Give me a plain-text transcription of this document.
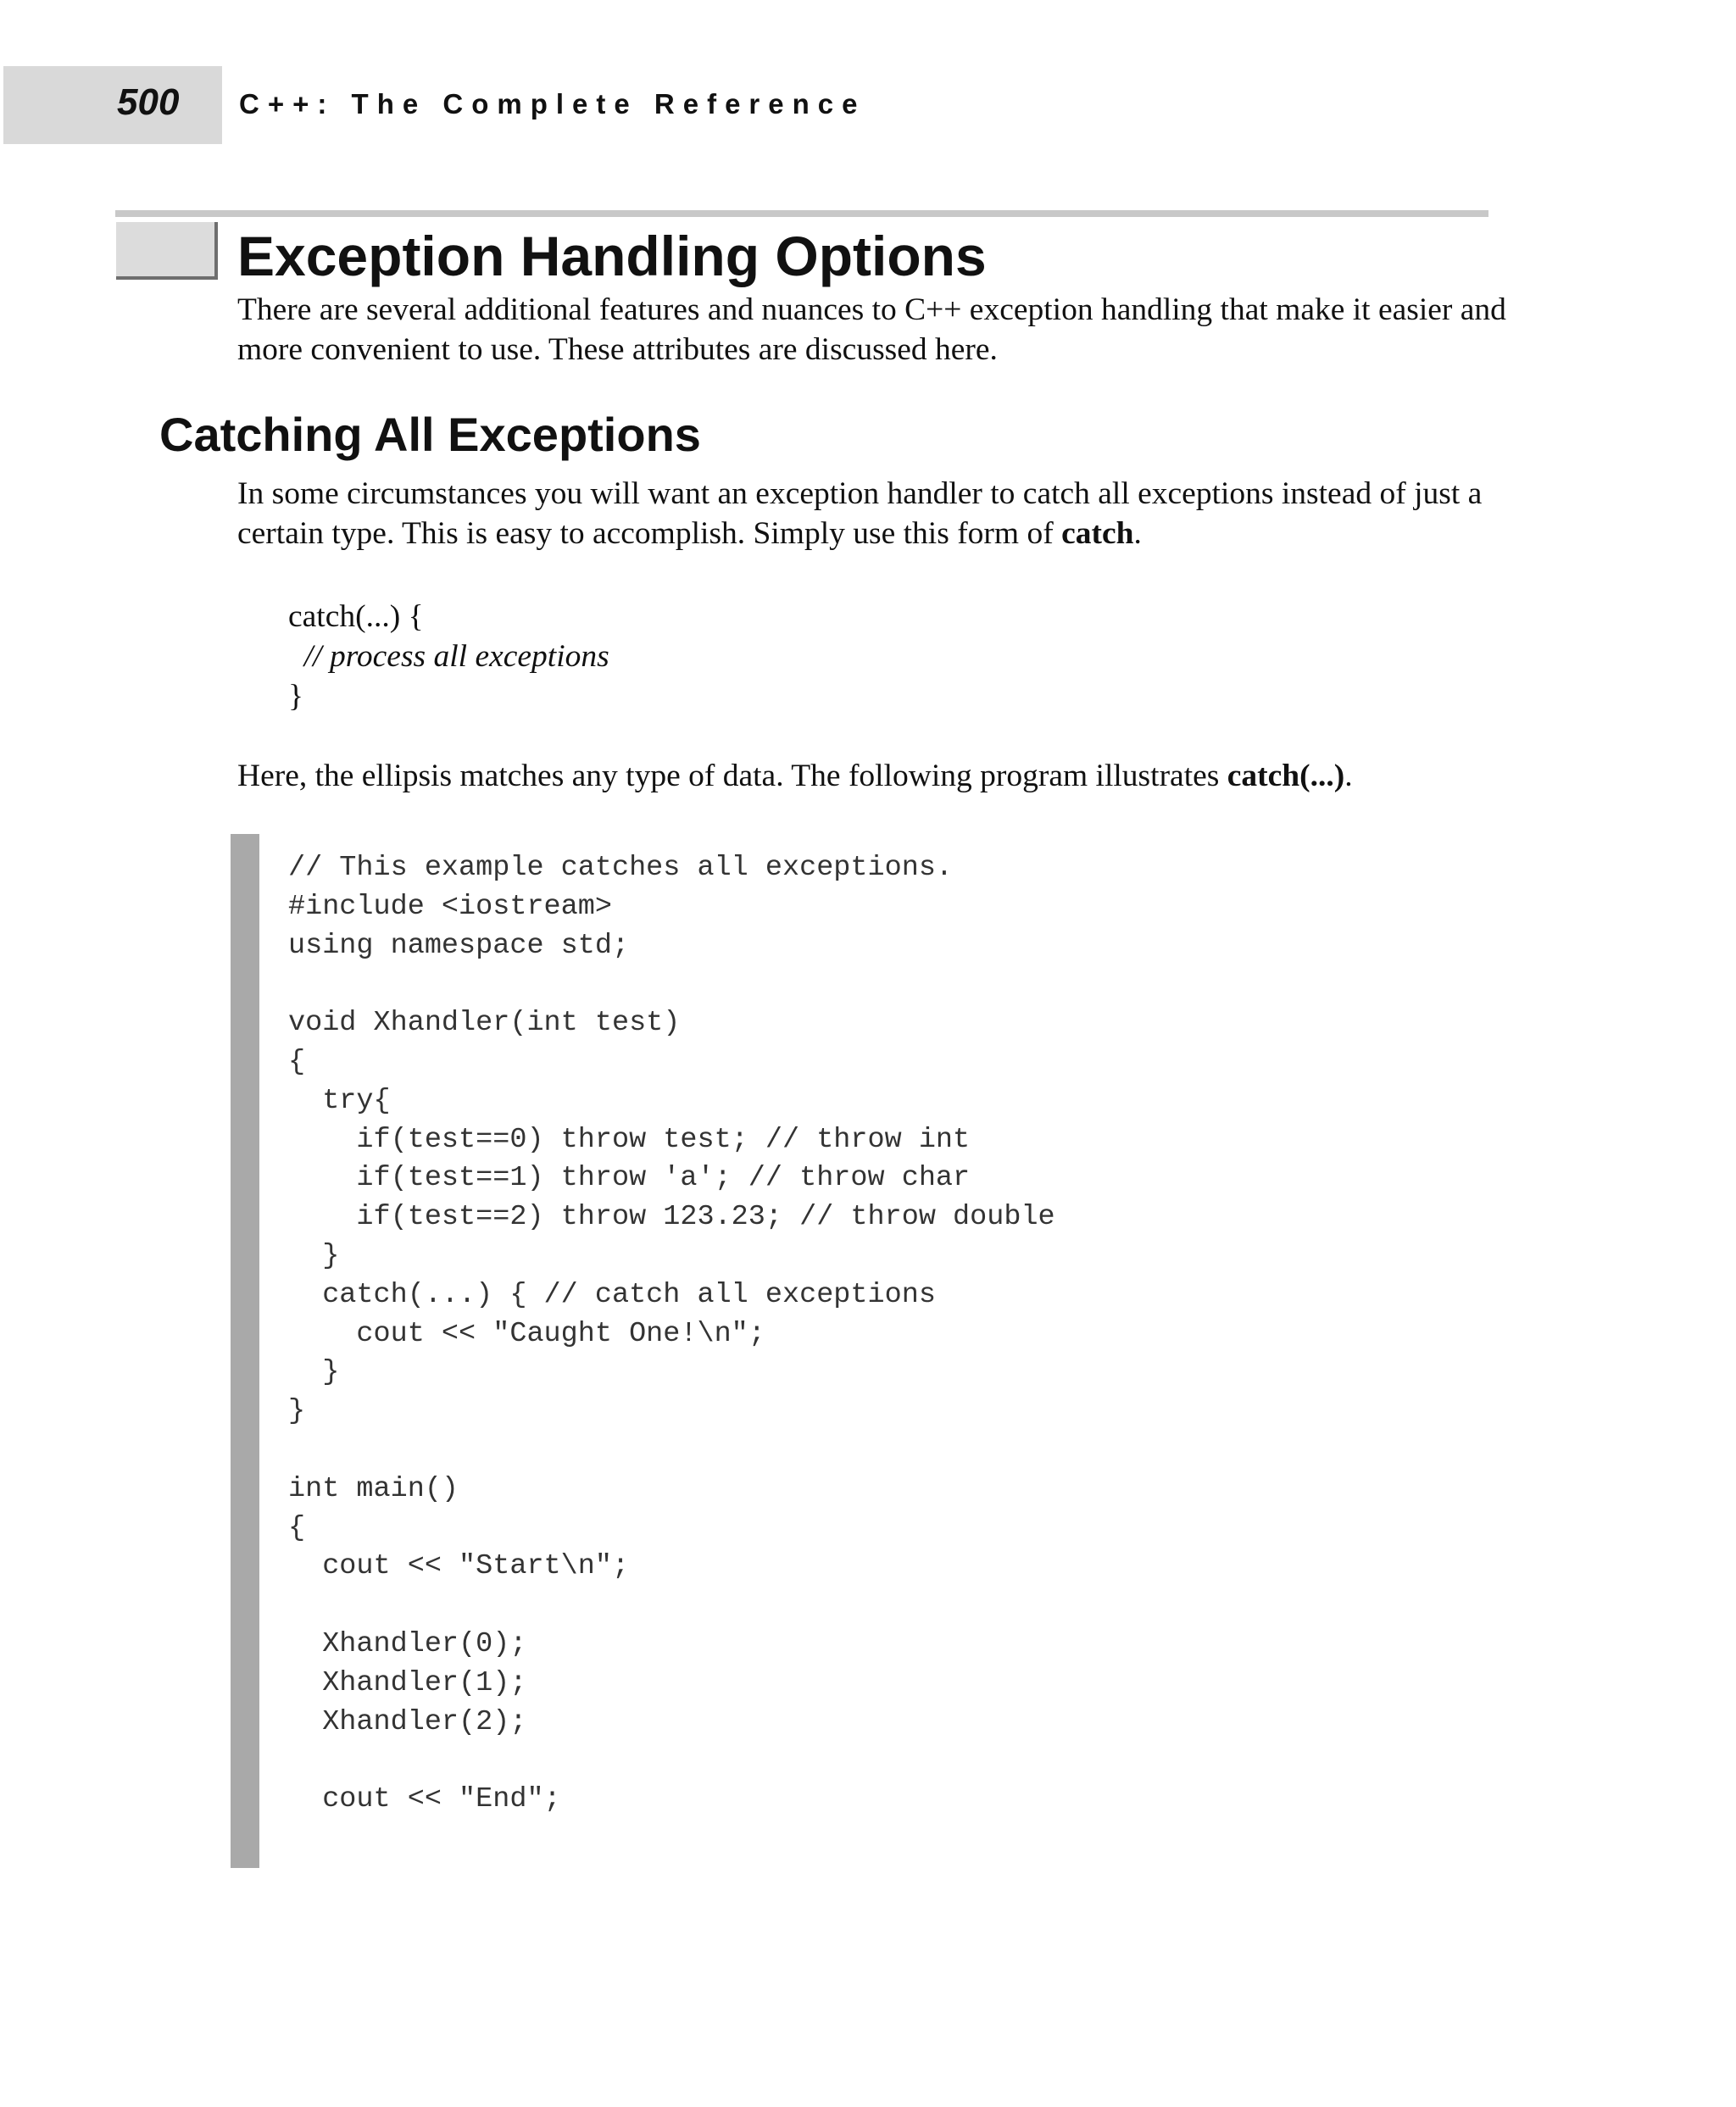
500 C++: The Complete Reference
Exception Handling Options

There are several additional features and nuances to C++ exception handling that make it easier and more convenient to use. These attributes are discussed here.

Catching All Exceptions

In some circumstances you will want an exception handler to catch all exceptions instead of just a certain type. This is easy to accomplish. Simply use this form of catch.

catch(...) {
// process all exceptions
}

Here, the ellipsis matches any type of data. The following program illustrates catch(...).

// This example catches all exceptions.
#include <iostream>
using namespace std;
void Xhandler(int test)
{
try{
if(test==0) throw test; // throw int
if(test==1) throw 'a'; // throw char
if(test==2) throw 123.23; // throw double
}
catch(...) { // catch all exceptions
cout << "Caught One!\n";
}
}
int main()
{
cout << "Start\n";
Xhandler(0);
Xhandler(1);
Xhandler(2);
cout << "End";
